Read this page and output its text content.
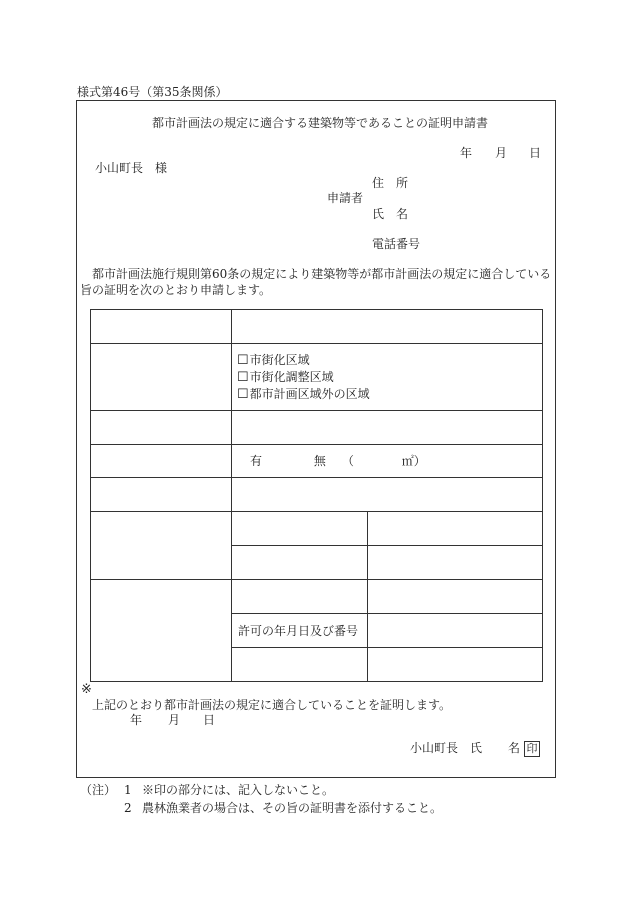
様式第46号（第35条関係）
都市計画法の規定に適合する建築物等であることの証明申請書
年 月 日
小山町長　様
住　所
申請者
氏　名
電話番号
都市計画法施行規則第60条の規定により建築物等が都市計画法の規定に適合している
旨の証明を次のとおり申請します。

	☐市街化区域
☐市街化調整区域
☐都市計画区域外の区域	

	有 無（ ㎡）	

	許可の年月日及び番号	

※
上記のとおり都市計画法の規定に適合していることを証明します。
年 月 日
小山町長　氏 名 印
（注） 1 ※印の部分には、記入しないこと。
2 農林漁業者の場合は、その旨の証明書を添付すること。
